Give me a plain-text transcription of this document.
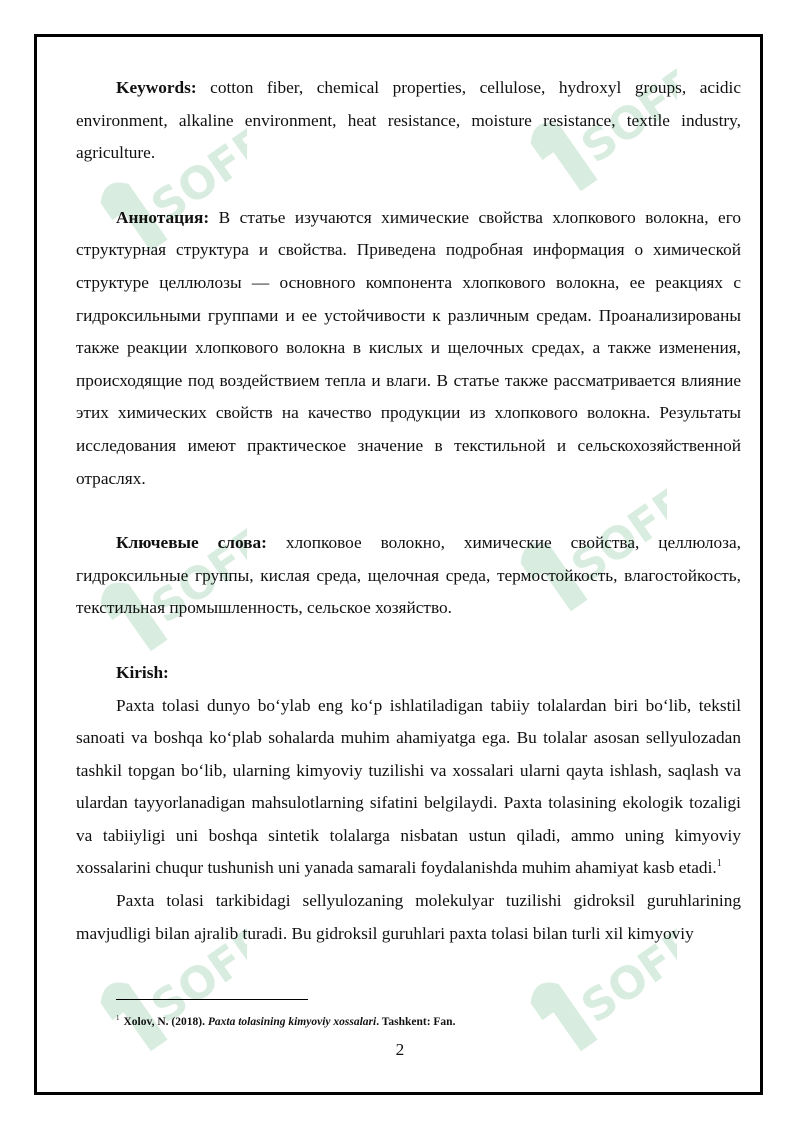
SOFF
SOFF
SOFF
SOFF
SOFF	SOFF

Keywords: cotton fiber, chemical properties, cellulose, hydroxyl groups, acidic environment, alkaline environment, heat resistance, moisture resistance, textile industry, agriculture.

Аннотация: В статье изучаются химические свойства хлопкового волокна, его структурная структура и свойства. Приведена подробная информация о химической структуре целлюлозы — основного компонента хлопкового волокна, ее реакциях с гидроксильными группами и ее устойчивости к различным средам. Проанализированы также реакции хлопкового волокна в кислых и щелочных средах, а также изменения, происходящие под воздействием тепла и влаги. В статье также рассматривается влияние этих химических свойств на качество продукции из хлопкового волокна. Результаты исследования имеют практическое значение в текстильной и сельскохозяйственной отраслях.

Ключевые слова: хлопковое волокно, химические свойства, целлюлоза, гидроксильные группы, кислая среда, щелочная среда, термостойкость, влагостойкость, текстильная промышленность, сельское хозяйство.

Kirish:

Paxta tolasi dunyo bo‘ylab eng ko‘p ishlatiladigan tabiiy tolalardan biri bo‘lib, tekstil sanoati va boshqa ko‘plab sohalarda muhim ahamiyatga ega. Bu tolalar asosan sellyulozadan tashkil topgan bo‘lib, ularning kimyoviy tuzilishi va xossalari ularni qayta ishlash, saqlash va ulardan tayyorlanadigan mahsulotlarning sifatini belgilaydi. Paxta tolasining ekologik tozaligi va tabiiyligi uni boshqa sintetik tolalarga nisbatan ustun qiladi, ammo uning kimyoviy xossalarini chuqur tushunish uni yanada samarali foydalanishda muhim ahamiyat kasb etadi.$^1$

Paxta tolasi tarkibidagi sellyulozaning molekulyar tuzilishi gidroksil guruhlarining mavjudligi bilan ajralib turadi. Bu gidroksil guruhlari paxta tolasi bilan turli xil kimyoviy

$^1$ Xolov, N. (2018). Paxta tolasining kimyoviy xossalari. Tashkent: Fan.
2
